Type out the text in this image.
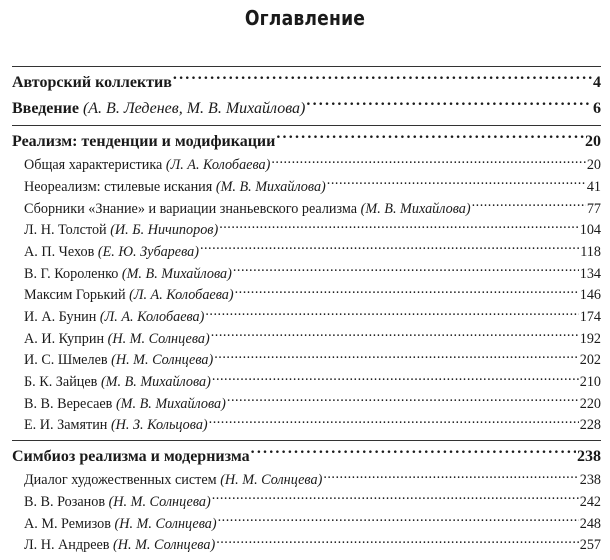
Оглавление
Авторский коллектив .....	4
Введение (А. В. Леденев, М. В. Михайлова) .....	6
Реализм: тенденции и модификации .....	20
Общая характеристика (Л. А. Колобаева) .....	20
Неореализм: стилевые искания (М. В. Михайлова) .....	41
Сборники «Знание» и вариации знаньевского реализма (М. В. Михайлова) .....	77
Л. Н. Толстой (И. Б. Ничипоров) .....	104
А. П. Чехов (Е. Ю. Зубарева) .....	118
В. Г. Короленко (М. В. Михайлова) .....	134
Максим Горький (Л. А. Колобаева) .....	146
И. А. Бунин (Л. А. Колобаева) .....	174
А. И. Куприн (Н. М. Солнцева) .....	192
И. С. Шмелев (Н. М. Солнцева) .....	202
Б. К. Зайцев (М. В. Михайлова) .....	210
В. В. Вересаев (М. В. Михайлова) .....	220
Е. И. Замятин (Н. З. Кольцова) .....	228
Симбиоз реализма и модернизма .....	238
Диалог художественных систем (Н. М. Солнцева) .....	238
В. В. Розанов (Н. М. Солнцева) .....	242
А. М. Ремизов (Н. М. Солнцева) .....	248
Л. Н. Андреев (Н. М. Солнцева) .....	257
